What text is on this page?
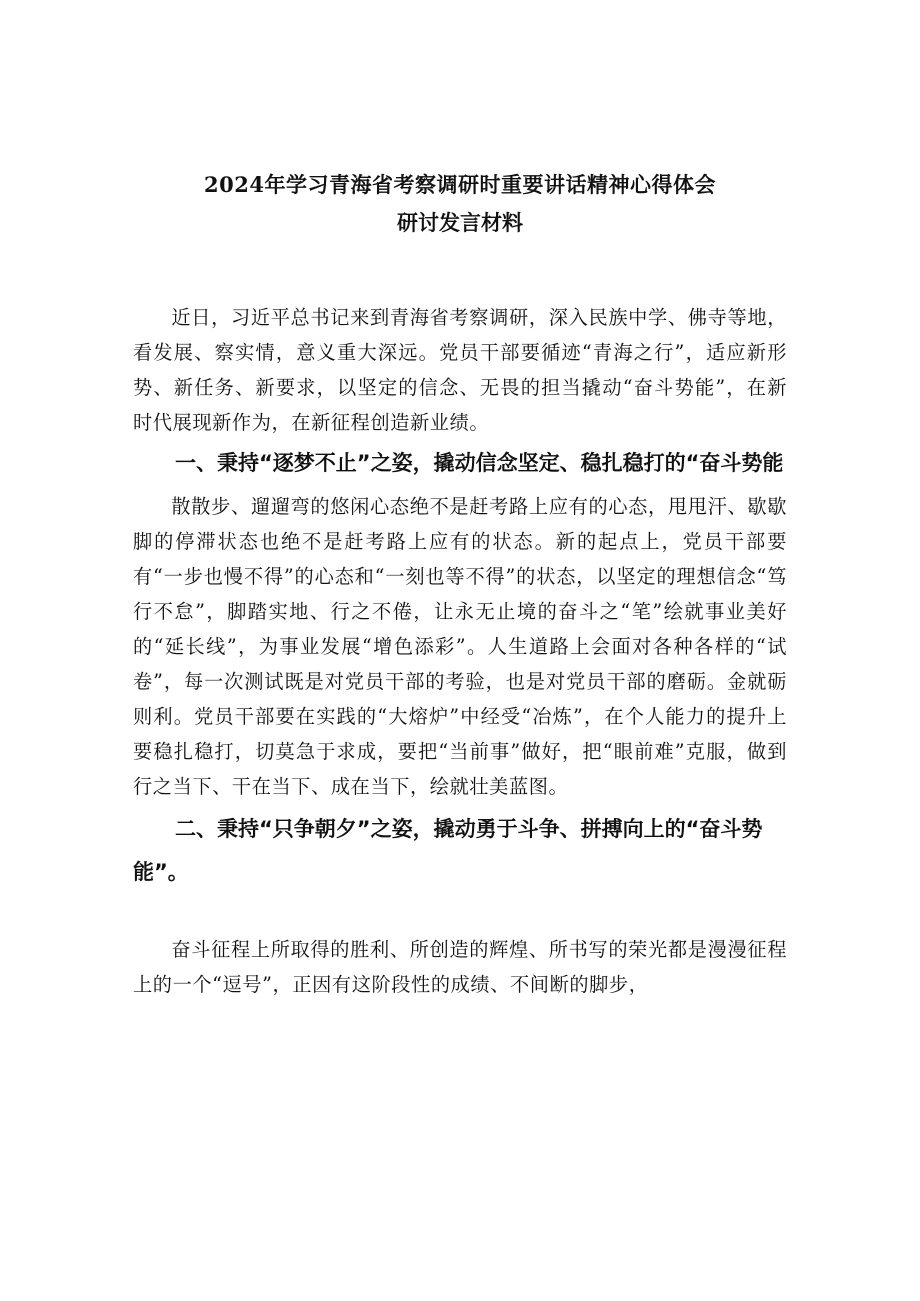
2024年学习青海省考察调研时重要讲话精神心得体会
研讨发言材料

近日，习近平总书记来到青海省考察调研，深入民族中学、佛寺等地，看发展、察实情，意义重大深远。党员干部要循迹“青海之行”，适应新形势、新任务、新要求，以坚定的信念、无畏的担当撬动“奋斗势能”，在新时代展现新作为，在新征程创造新业绩。

一、秉持“逐梦不止”之姿，撬动信念坚定、稳扎稳打的“奋斗势能

散散步、遛遛弯的悠闲心态绝不是赶考路上应有的心态，甩甩汗、歇歇脚的停滞状态也绝不是赶考路上应有的状态。新的起点上，党员干部要有“一步也慢不得”的心态和“一刻也等不得”的状态，以坚定的理想信念“笃行不怠”，脚踏实地、行之不倦，让永无止境的奋斗之“笔”绘就事业美好的“延长线”，为事业发展“增色添彩”。人生道路上会面对各种各样的“试卷”，每一次测试既是对党员干部的考验，也是对党员干部的磨砺。金就砺则利。党员干部要在实践的“大熔炉”中经受“冶炼”，在个人能力的提升上要稳扎稳打，切莫急于求成，要把“当前事”做好，把“眼前难”克服，做到行之当下、干在当下、成在当下，绘就壮美蓝图。

二、秉持“只争朝夕”之姿，撬动勇于斗争、拼搏向上的“奋斗势能”。

奋斗征程上所取得的胜利、所创造的辉煌、所书写的荣光都是漫漫征程上的一个“逗号”，正因有这阶段性的成绩、不间断的脚步，
